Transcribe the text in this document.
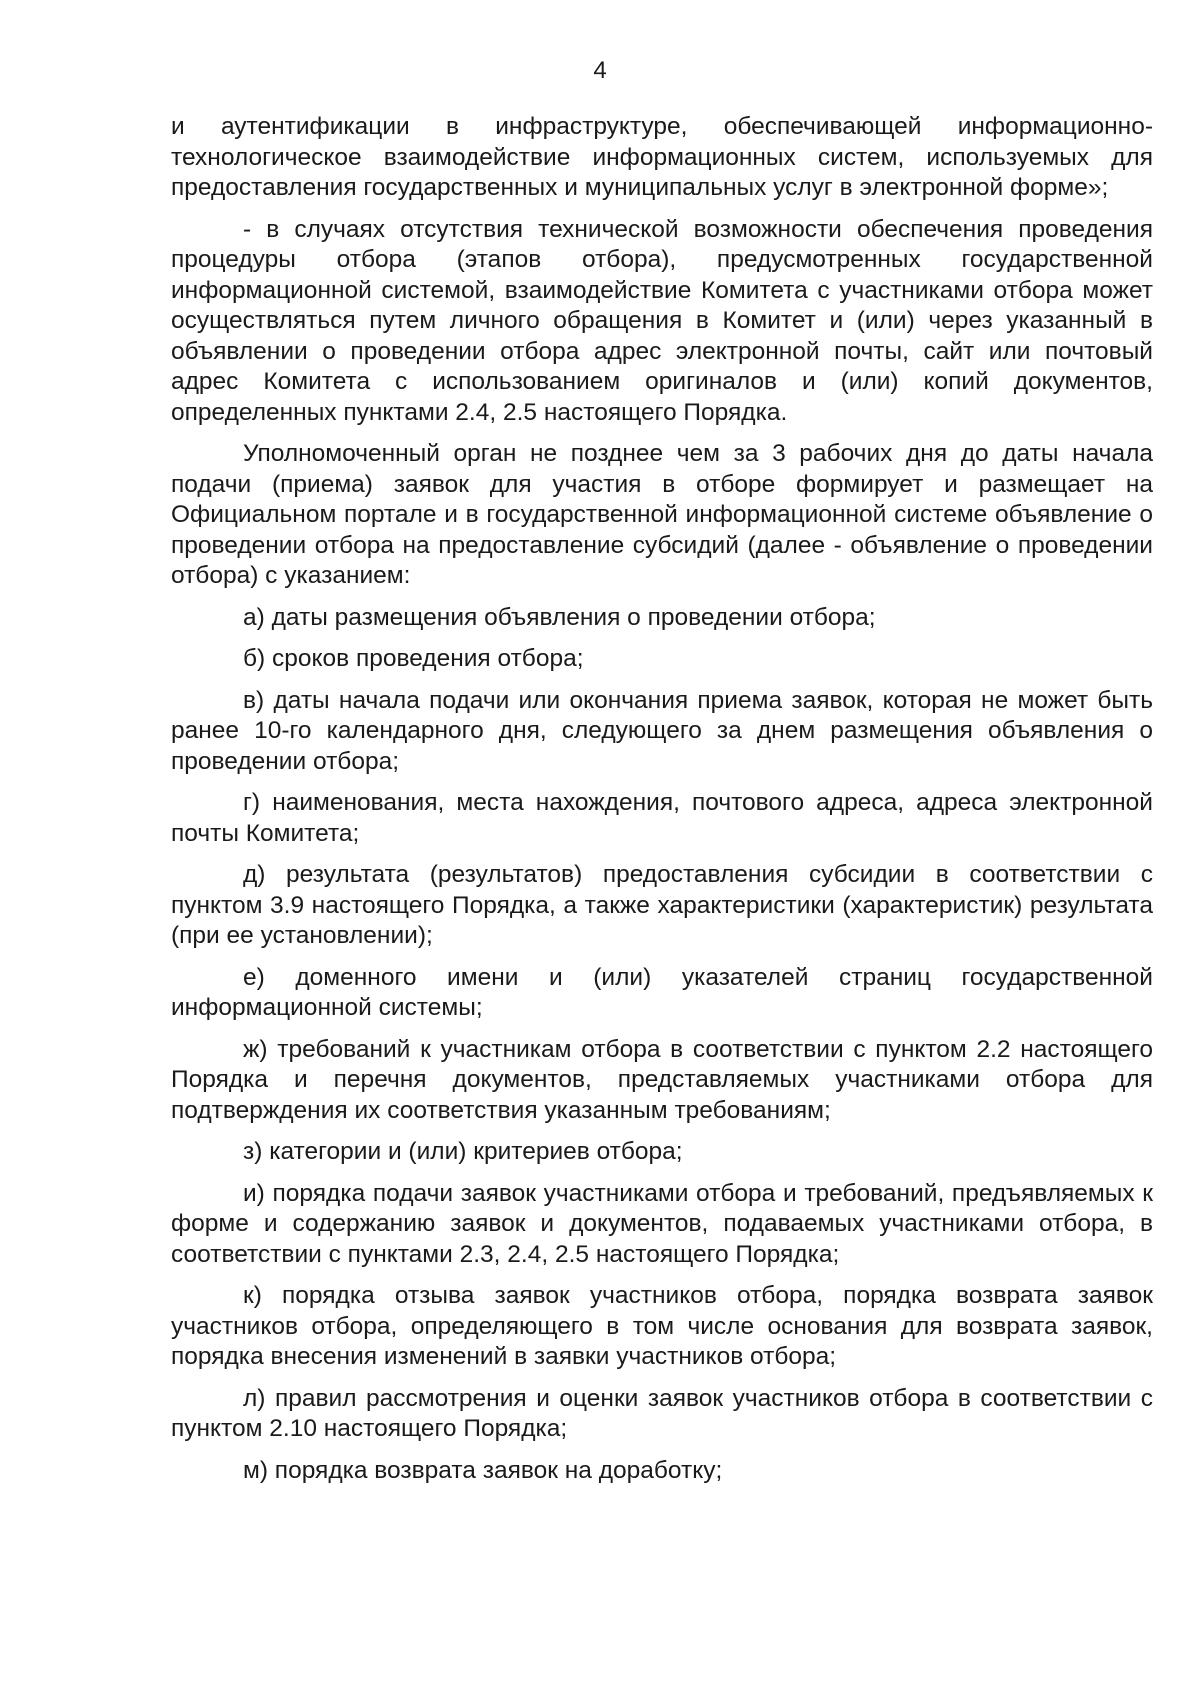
4

и аутентификации в инфраструктуре, обеспечивающей информационно-технологическое взаимодействие информационных систем, используемых для предоставления государственных и муниципальных услуг в электронной форме»;

- в случаях отсутствия технической возможности обеспечения проведения процедуры отбора (этапов отбора), предусмотренных государственной информационной системой, взаимодействие Комитета с участниками отбора может осуществляться путем личного обращения в Комитет и (или) через указанный в объявлении о проведении отбора адрес электронной почты, сайт или почтовый адрес Комитета с использованием оригиналов и (или) копий документов, определенных пунктами 2.4, 2.5 настоящего Порядка.

Уполномоченный орган не позднее чем за 3 рабочих дня до даты начала подачи (приема) заявок для участия в отборе формирует и размещает на Официальном портале и в государственной информационной системе объявление о проведении отбора на предоставление субсидий (далее - объявление о проведении отбора) с указанием:

а) даты размещения объявления о проведении отбора;

б) сроков проведения отбора;

в) даты начала подачи или окончания приема заявок, которая не может быть ранее 10-го календарного дня, следующего за днем размещения объявления о проведении отбора;

г) наименования, места нахождения, почтового адреса, адреса электронной почты Комитета;

д) результата (результатов) предоставления субсидии в соответствии с пунктом 3.9 настоящего Порядка, а также характеристики (характеристик) результата (при ее установлении);

е) доменного имени и (или) указателей страниц государственной информационной системы;

ж) требований к участникам отбора в соответствии с пунктом 2.2 настоящего Порядка и перечня документов, представляемых участниками отбора для подтверждения их соответствия указанным требованиям;

з) категории и (или) критериев отбора;

и) порядка подачи заявок участниками отбора и требований, предъявляемых к форме и содержанию заявок и документов, подаваемых участниками отбора, в соответствии с пунктами 2.3, 2.4, 2.5 настоящего Порядка;

к) порядка отзыва заявок участников отбора, порядка возврата заявок участников отбора, определяющего в том числе основания для возврата заявок, порядка внесения изменений в заявки участников отбора;

л) правил рассмотрения и оценки заявок участников отбора в соответствии с пунктом 2.10 настоящего Порядка;

м) порядка возврата заявок на доработку;
